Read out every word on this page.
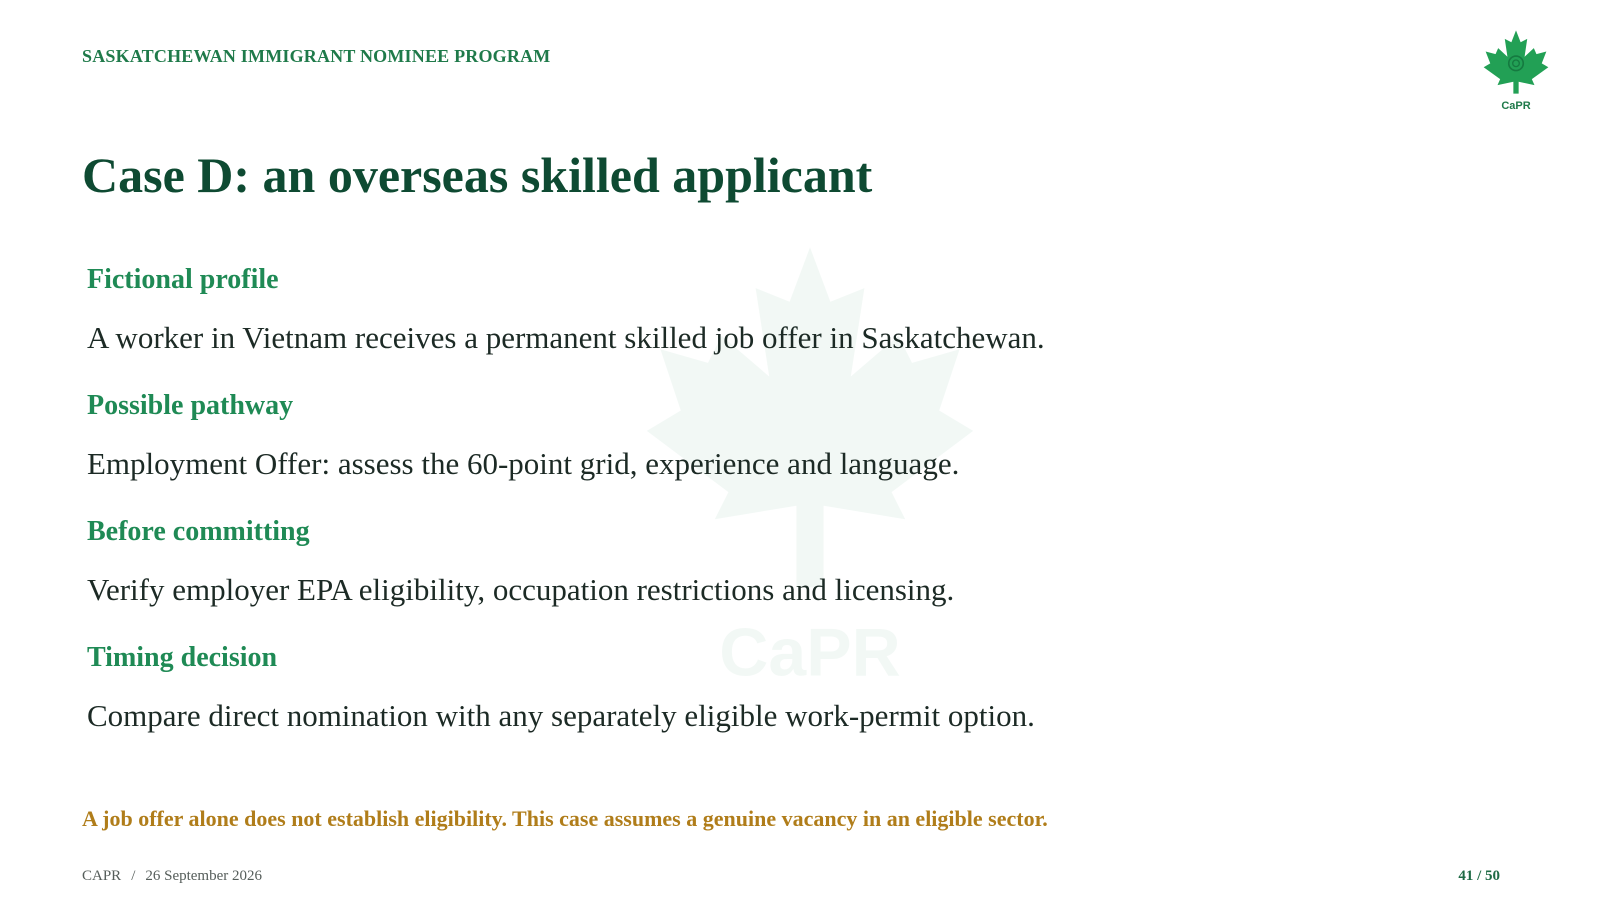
CaPR
SASKATCHEWAN IMMIGRANT NOMINEE PROGRAM
CaPR
Case D: an overseas skilled applicant
Fictional profile
A worker in Vietnam receives a permanent skilled job offer in Saskatchewan.
Possible pathway
Employment Offer: assess the 60-point grid, experience and language.
Before committing
Verify employer EPA eligibility, occupation restrictions and licensing.
Timing decision
Compare direct nomination with any separately eligible work-permit option.
A job offer alone does not establish eligibility. This case assumes a genuine vacancy in an eligible sector.
CAPR / 26 September 2026	41 / 50
